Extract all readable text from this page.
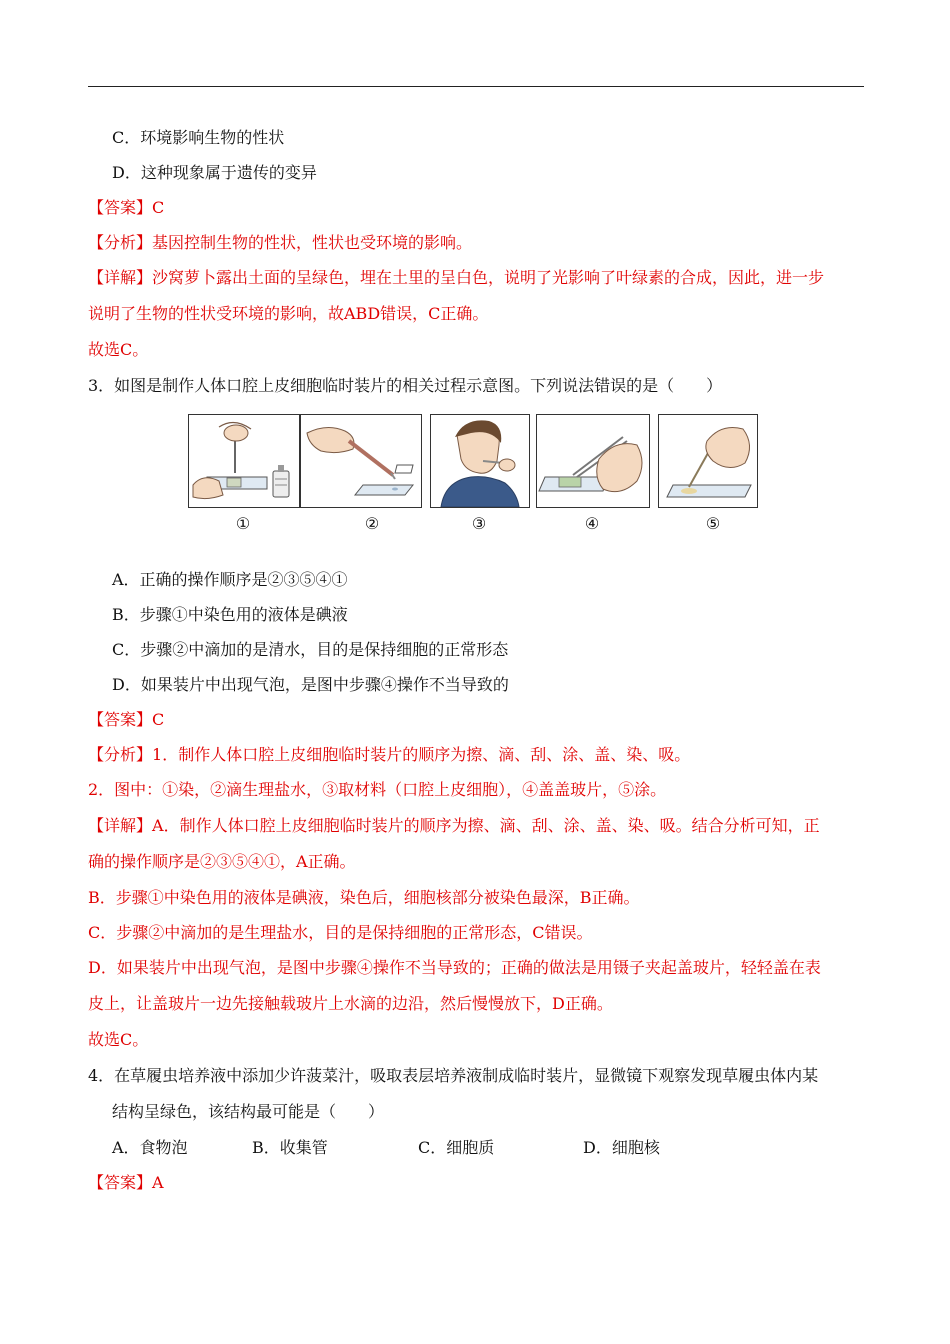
C．环境影响生物的性状
D．这种现象属于遗传的变异
【答案】C
【分析】基因控制生物的性状，性状也受环境的影响。
【详解】沙窝萝卜露出土面的呈绿色，埋在土里的呈白色，说明了光影响了叶绿素的合成，因此，进一步
说明了生物的性状受环境的影响，故ABD错误，C正确。
故选C。
3．如图是制作人体口腔上皮细胞临时装片的相关过程示意图。下列说法错误的是（　　）
①	②	③	④	⑤
A．正确的操作顺序是②③⑤④①
B．步骤①中染色用的液体是碘液
C．步骤②中滴加的是清水，目的是保持细胞的正常形态
D．如果装片中出现气泡，是图中步骤④操作不当导致的
【答案】C
【分析】1．制作人体口腔上皮细胞临时装片的顺序为擦、滴、刮、涂、盖、染、吸。
2．图中：①染，②滴生理盐水，③取材料（口腔上皮细胞），④盖盖玻片，⑤涂。
【详解】A．制作人体口腔上皮细胞临时装片的顺序为擦、滴、刮、涂、盖、染、吸。结合分析可知，正
确的操作顺序是②③⑤④①，A正确。
B．步骤①中染色用的液体是碘液，染色后，细胞核部分被染色最深，B正确。
C．步骤②中滴加的是生理盐水，目的是保持细胞的正常形态，C错误。
D．如果装片中出现气泡，是图中步骤④操作不当导致的；正确的做法是用镊子夹起盖玻片，轻轻盖在表
皮上，让盖玻片一边先接触载玻片上水滴的边沿，然后慢慢放下，D正确。
故选C。
4．在草履虫培养液中添加少许菠菜汁，吸取表层培养液制成临时装片，显微镜下观察发现草履虫体内某
结构呈绿色，该结构最可能是（　　）
A．食物泡	B．收集管	C．细胞质	D．细胞核
【答案】A
